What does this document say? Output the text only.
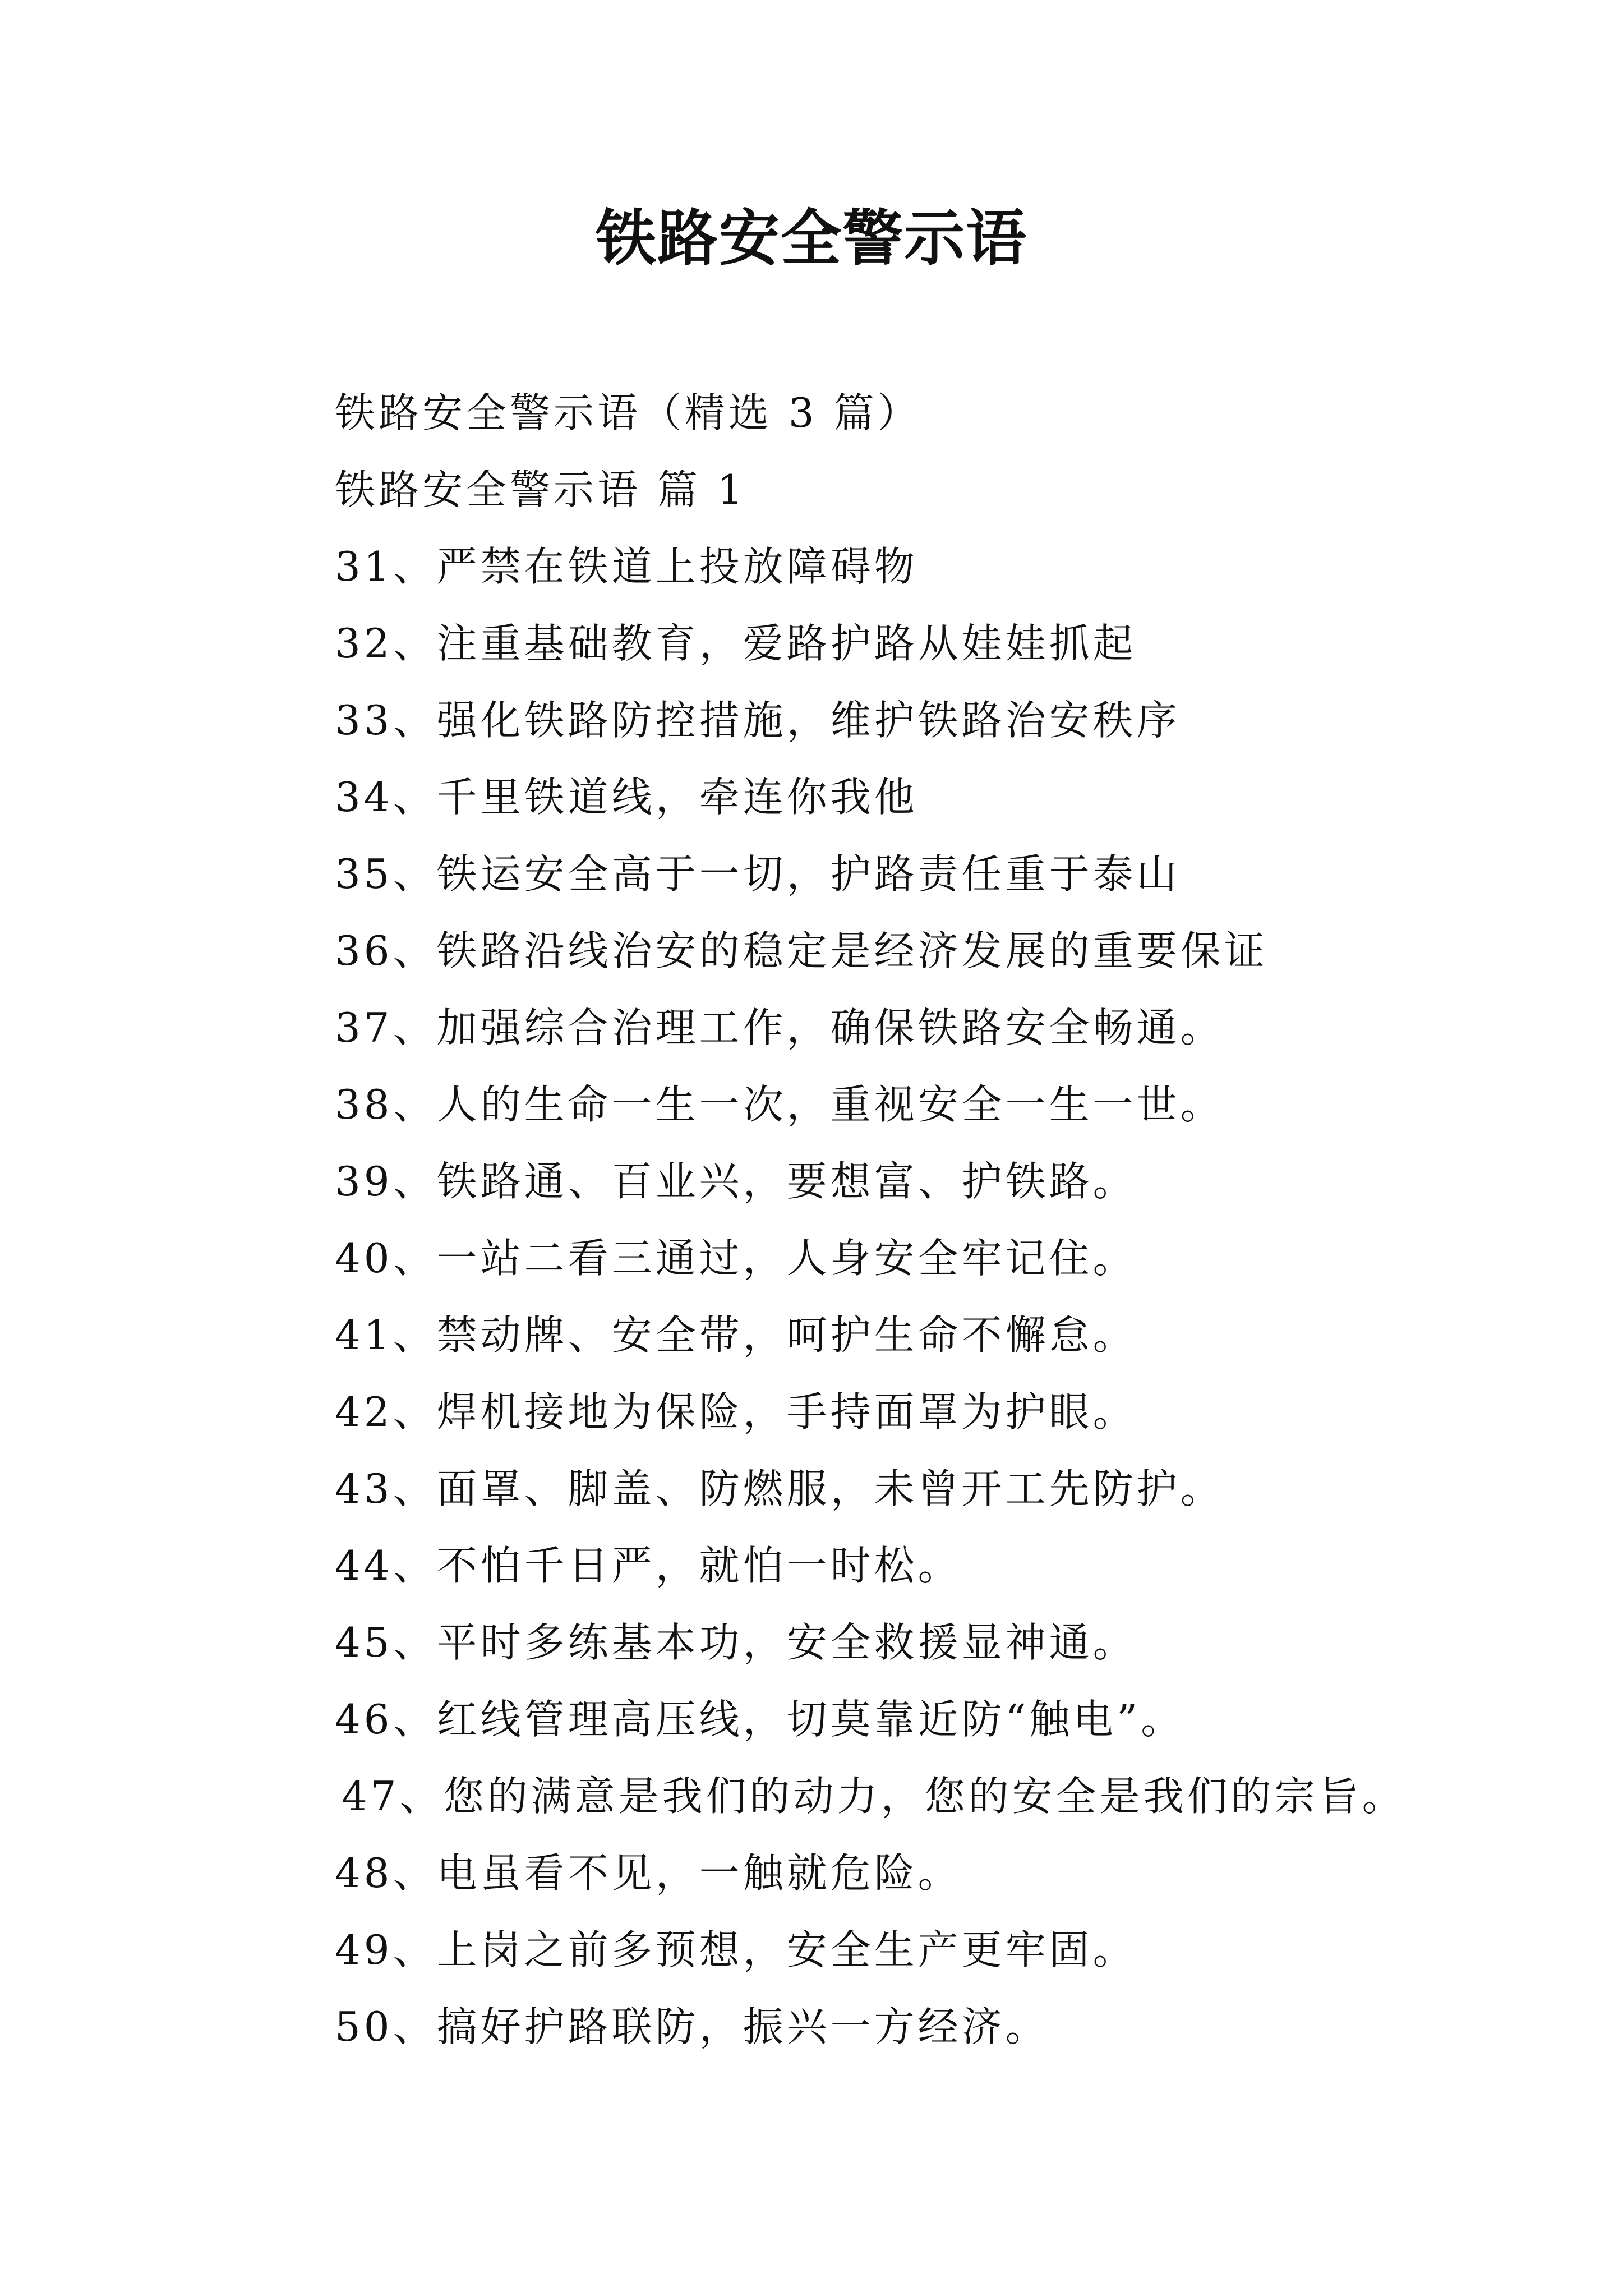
铁路安全警示语
铁路安全警示语（精选 3 篇）
铁路安全警示语 篇 1
31、严禁在铁道上投放障碍物
32、注重基础教育，爱路护路从娃娃抓起
33、强化铁路防控措施，维护铁路治安秩序
34、千里铁道线，牵连你我他
35、铁运安全高于一切，护路责任重于泰山
36、铁路沿线治安的稳定是经济发展的重要保证
37、加强综合治理工作，确保铁路安全畅通。
38、人的生命一生一次，重视安全一生一世。
39、铁路通、百业兴，要想富、护铁路。
40、一站二看三通过，人身安全牢记住。
41、禁动牌、安全带，呵护生命不懈怠。
42、焊机接地为保险，手持面罩为护眼。
43、面罩、脚盖、防燃服，未曾开工先防护。
44、不怕千日严，就怕一时松。
45、平时多练基本功，安全救援显神通。
46、红线管理高压线，切莫靠近防“触电”。
47、您的满意是我们的动力，您的安全是我们的宗旨。
48、电虽看不见，一触就危险。
49、上岗之前多预想，安全生产更牢固。
50、搞好护路联防，振兴一方经济。
